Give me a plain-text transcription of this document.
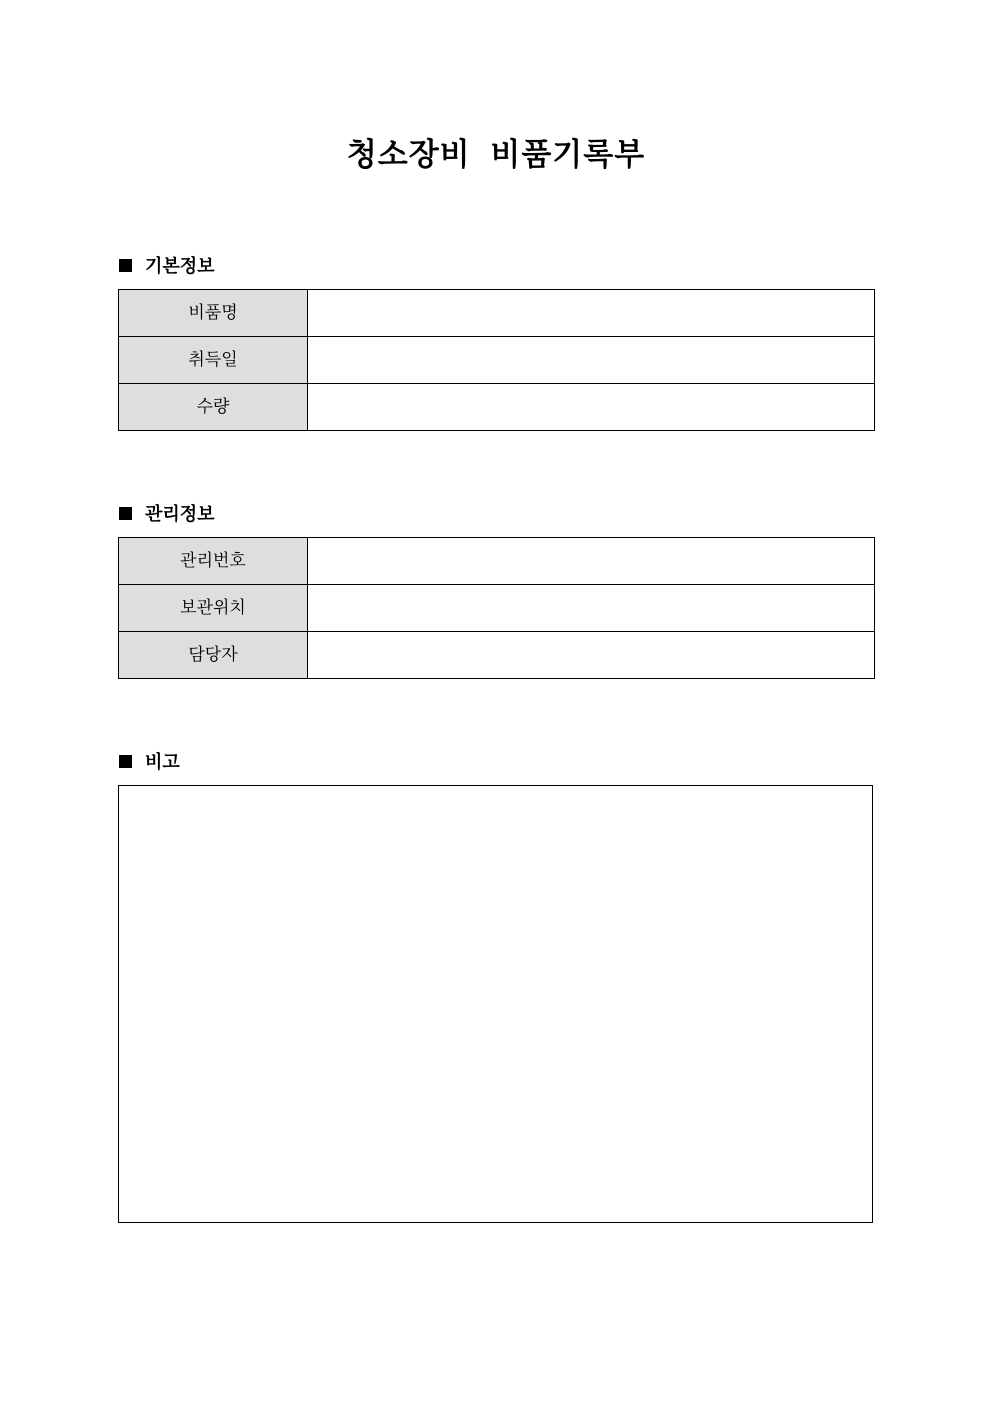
청소장비 비품기록부
기본정보
비품명	
취득일	
수량	
관리정보
관리번호	
보관위치	
담당자	
비고
